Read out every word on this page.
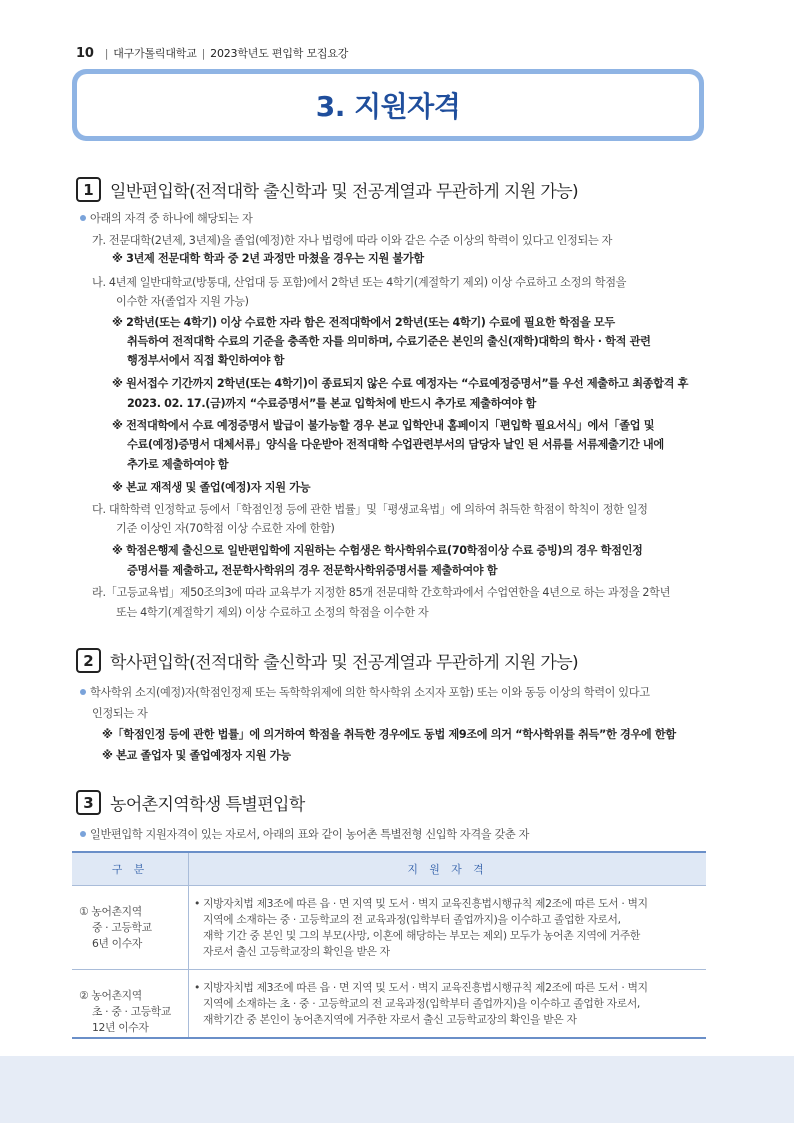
10 | 대구가톨릭대학교 | 2023학년도 편입학 모집요강
3. 지원자격
1 일반편입학(전적대학 출신학과 및 전공계열과 무관하게 지원 가능)
아래의 자격 중 하나에 해당되는 자
가. 전문대학(2년제, 3년제)을 졸업(예정)한 자나 법령에 따라 이와 같은 수준 이상의 학력이 있다고 인정되는 자
※ 3년제 전문대학 학과 중 2년 과정만 마쳤을 경우는 지원 불가함
나. 4년제 일반대학교(방통대, 산업대 등 포함)에서 2학년 또는 4학기(계절학기 제외) 이상 수료하고 소정의 학점을
이수한 자(졸업자 지원 가능)
※ 2학년(또는 4학기) 이상 수료한 자라 함은 전적대학에서 2학년(또는 4학기) 수료에 필요한 학점을 모두
취득하여 전적대학 수료의 기준을 충족한 자를 의미하며, 수료기준은 본인의 출신(재학)대학의 학사 · 학적 관련
행정부서에서 직접 확인하여야 함
※ 원서접수 기간까지 2학년(또는 4학기)이 종료되지 않은 수료 예정자는 “수료예정증명서”를 우선 제출하고 최종합격 후
2023. 02. 17.(금)까지 “수료증명서”를 본교 입학처에 반드시 추가로 제출하여야 함
※ 전적대학에서 수료 예정증명서 발급이 불가능할 경우 본교 입학안내 홈페이지「편입학 필요서식」에서「졸업 및
수료(예정)증명서 대체서류」양식을 다운받아 전적대학 수업관련부서의 담당자 날인 된 서류를 서류제출기간 내에
추가로 제출하여야 함
※ 본교 재적생 및 졸업(예정)자 지원 가능
다. 대학학력 인정학교 등에서「학점인정 등에 관한 법률」및「평생교육법」에 의하여 취득한 학점이 학칙이 정한 일정
기준 이상인 자(70학점 이상 수료한 자에 한함)
※ 학점은행제 출신으로 일반편입학에 지원하는 수험생은 학사학위수료(70학점이상 수료 증빙)의 경우 학점인정
증명서를 제출하고, 전문학사학위의 경우 전문학사학위증명서를 제출하여야 함
라.「고등교육법」제50조의3에 따라 교육부가 지정한 85개 전문대학 간호학과에서 수업연한을 4년으로 하는 과정을 2학년
또는 4학기(계절학기 제외) 이상 수료하고 소정의 학점을 이수한 자
2 학사편입학(전적대학 출신학과 및 전공계열과 무관하게 지원 가능)
학사학위 소지(예정)자(학점인정제 또는 독학학위제에 의한 학사학위 소지자 포함) 또는 이와 동등 이상의 학력이 있다고
인정되는 자
※「학점인정 등에 관한 법률」에 의거하여 학점을 취득한 경우에도 동법 제9조에 의거 “학사학위를 취득”한 경우에 한함
※ 본교 졸업자 및 졸업예정자 지원 가능
3 농어촌지역학생 특별편입학
일반편입학 지원자격이 있는 자로서, 아래의 표와 같이 농어촌 특별전형 신입학 자격을 갖춘 자
구 분	지 원 자 격

① 농어촌지역
중 · 고등학교
6년 이수자	• 지방자치법 제3조에 따른 읍 · 면 지역 및 도서 · 벽지 교육진흥법시행규칙 제2조에 따른 도서 · 벽지
지역에 소재하는 중 · 고등학교의 전 교육과정(입학부터 졸업까지)을 이수하고 졸업한 자로서,
재학 기간 중 본인 및 그의 부모(사망, 이혼에 해당하는 부모는 제외) 모두가 농어촌 지역에 거주한
자로서 출신 고등학교장의 확인을 받은 자

② 농어촌지역
초 · 중 · 고등학교
12년 이수자	• 지방자치법 제3조에 따른 읍 · 면 지역 및 도서 · 벽지 교육진흥법시행규칙 제2조에 따른 도서 · 벽지
지역에 소재하는 초 · 중 · 고등학교의 전 교육과정(입학부터 졸업까지)을 이수하고 졸업한 자로서,
재학기간 중 본인이 농어촌지역에 거주한 자로서 출신 고등학교장의 확인을 받은 자
